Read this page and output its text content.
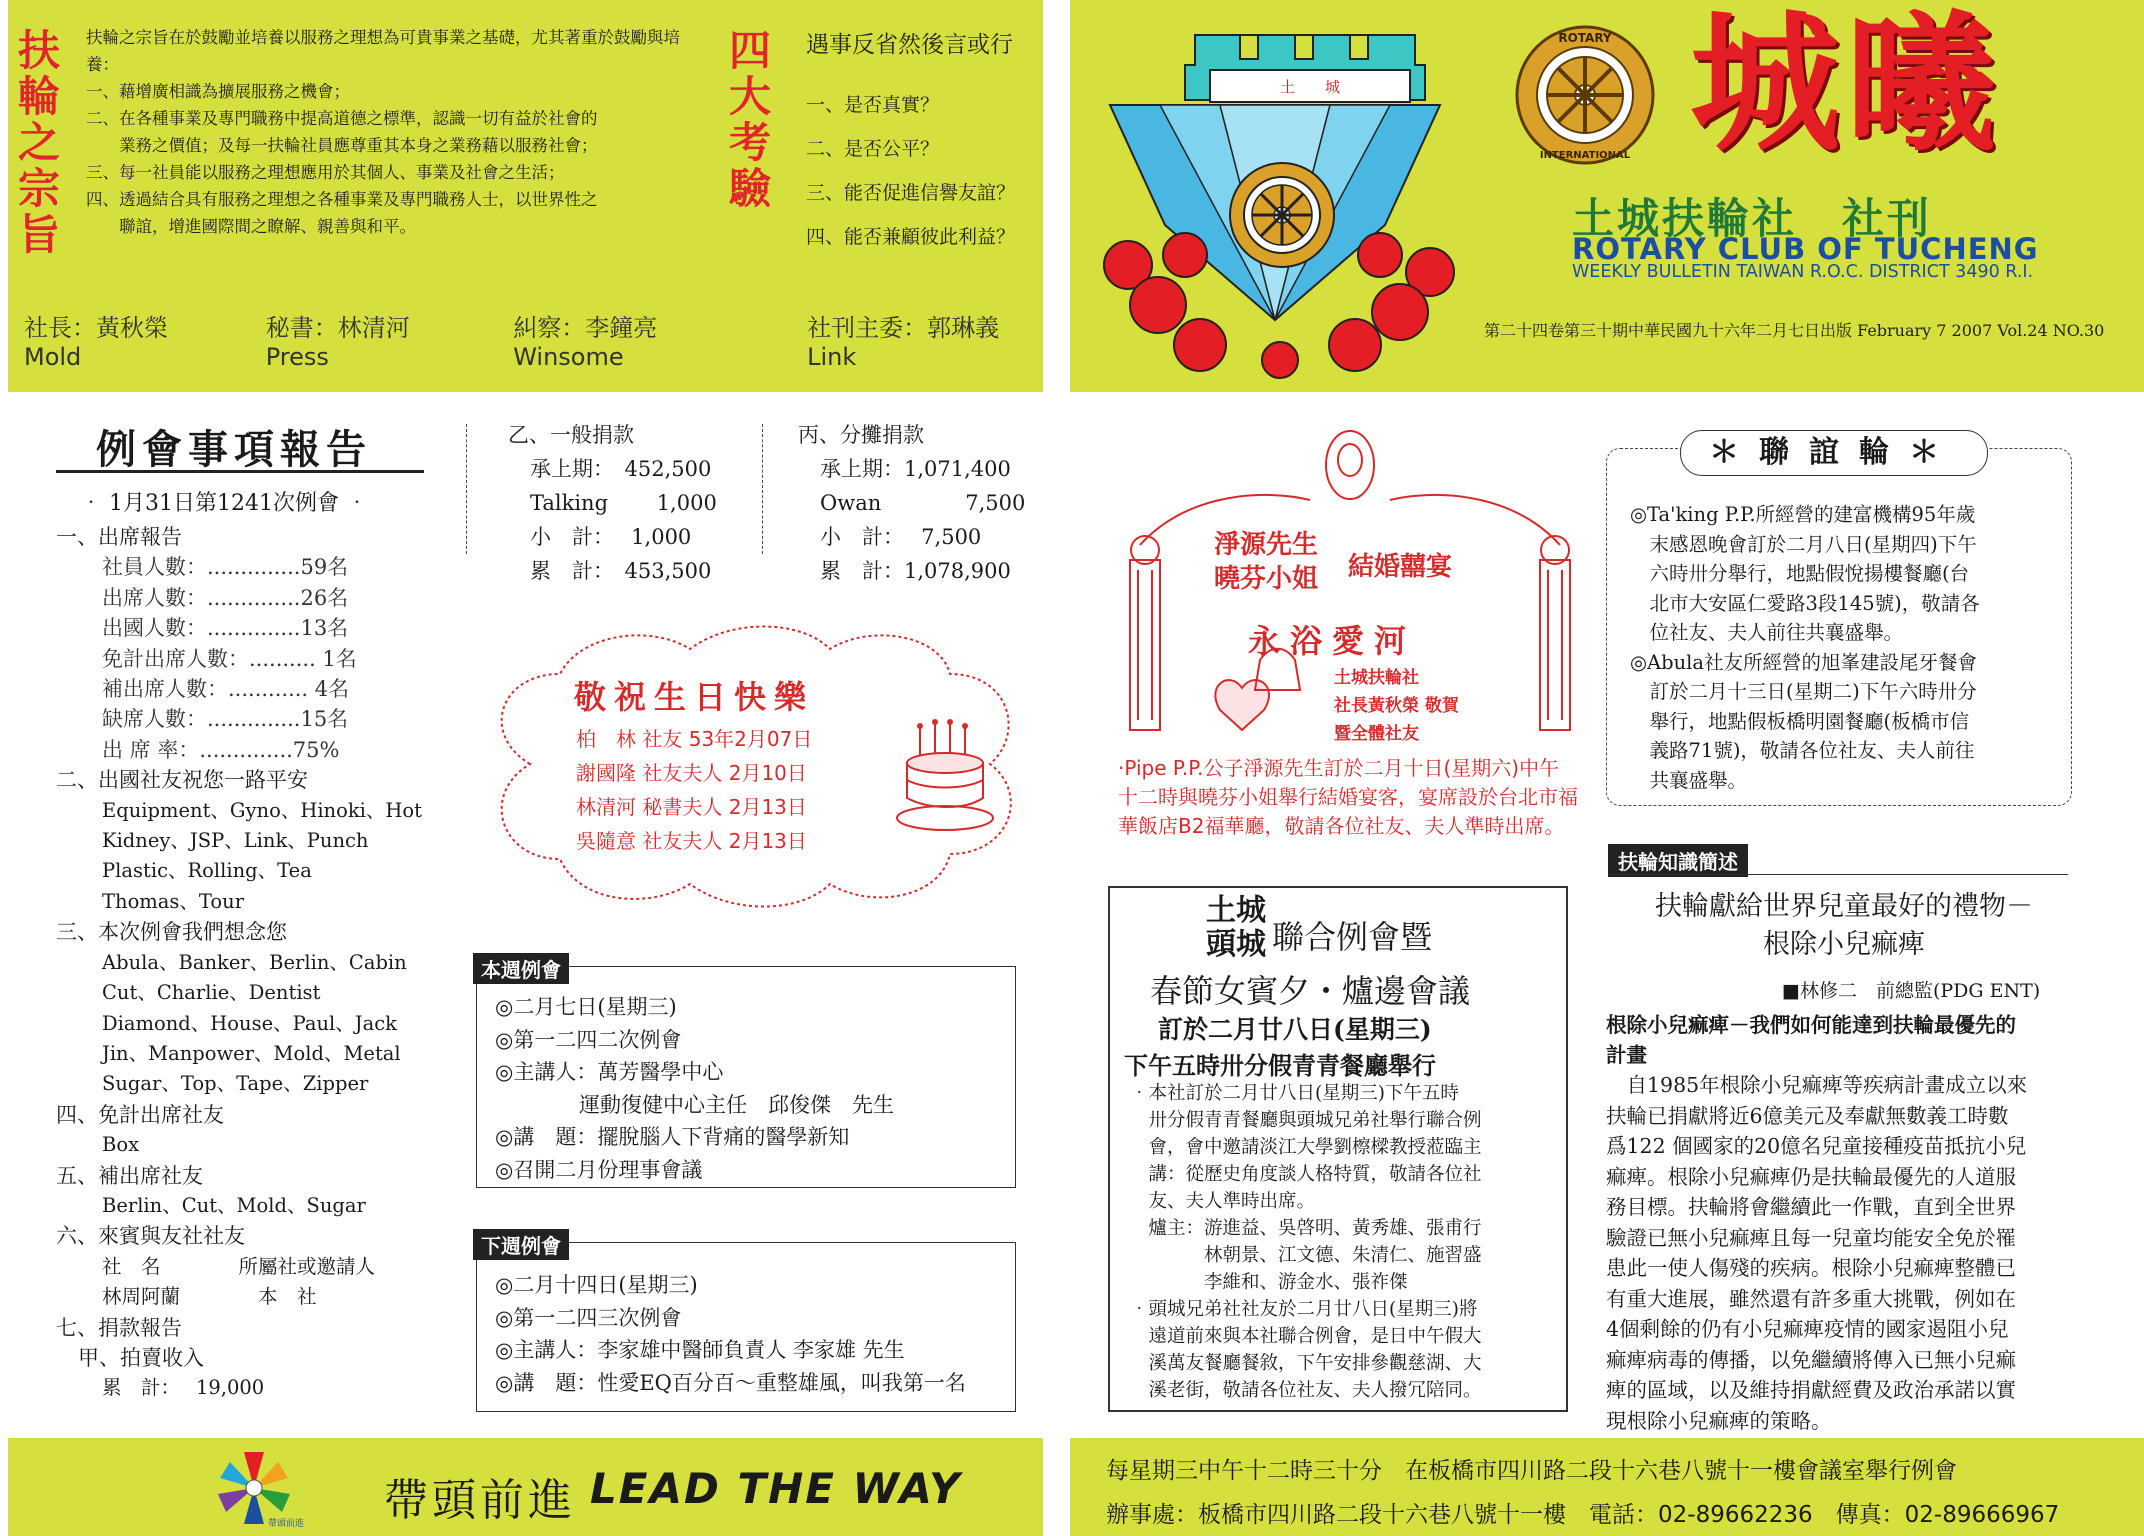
扶輪之宗旨
扶輪之宗旨在於鼓勵並培養以服務之理想為可貴事業之基礎，尤其著重於鼓勵與培養：
一、藉增廣相識為擴展服務之機會；
二、在各種事業及專門職務中提高道德之標準，認識一切有益於社會的
　　業務之價值；及每一扶輪社員應尊重其本身之業務藉以服務社會；
三、每一社員能以服務之理想應用於其個人、事業及社會之生活；
四、透過結合具有服務之理想之各種事業及專門職務人士，以世界性之
　　聯誼，增進國際間之瞭解、親善與和平。
四大考驗
遇事反省然後言或行
一、是否真實？
二、是否公平？
三、能否促進信譽友誼？
四、能否兼顧彼此利益？
社長：黃秋榮Mold
秘書：林清河Press
糾察：李鐘亮Winsome
社刊主委：郭琳義Link
土　　城
ROTARY
INTERNATIONAL 城曦
土城扶輪社　社刊
ROTARY CLUB OF TUCHENG
WEEKLY BULLETIN TAIWAN R.O.C. DISTRICT 3490 R.I.
第二十四卷第三十期中華民國九十六年二月七日出版 February 7 2007 Vol.24 NO.30
例會事項報告
‧ 1月31日第1241次例會 ‧
一、出席報告
社員人數：..............59名
出席人數：..............26名
出國人數：..............13名
免計出席人數：.......... 1名
補出席人數：............ 4名
缺席人數：..............15名
出 席 率：..............75%
二、出國社友祝您一路平安
Equipment、Gyno、Hinoki、Hot
Kidney、JSP、Link、Punch
Plastic、Rolling、Tea
Thomas、Tour
三、本次例會我們想念您
Abula、Banker、Berlin、Cabin
Cut、Charlie、Dentist
Diamond、House、Paul、Jack
Jin、Manpower、Mold、Metal
Sugar、Top、Tape、Zipper
四、免計出席社友
Box
五、補出席社友
Berlin、Cut、Mold、Sugar
六、來賓與友社社友
社　名　　　　所屬社或邀請人
林周阿蘭　　　　本　社
七、捐款報告
甲、拍賣收入
累　計：　 19,000
乙、一般捐款
承上期：　452,500
Talking　　 1,000
小　計：　 1,000
累　計：　453,500
丙、分攤捐款
承上期：1,071,400
Owan　　　　7,500
小　計：　 7,500
累　計：1,078,900
敬祝生日快樂
柏　林 社友 53年2月07日
謝國隆 社友夫人 2月10日
林清河 秘書夫人 2月13日
吳隨意 社友夫人 2月13日
本週例會
◎二月七日(星期三)
◎第一二四二次例會
◎主講人：萬芳醫學中心
　　　　運動復健中心主任　邱俊傑　先生
◎講　題：擺脫腦人下背痛的醫學新知
◎召開二月份理事會議
下週例會
◎二月十四日(星期三)
◎第一二四三次例會
◎主講人：李家雄中醫師負責人 李家雄 先生
◎講　題：性愛EQ百分百～重整雄風，叫我第一名
淨源先生
曉芬小姐 結婚囍宴
永浴愛河
土城扶輪社
社長黃秋榮 敬賀
暨全體社友
‧Pipe P.P.公子淨源先生訂於二月十日(星期六)中午十二時與曉芬小姐舉行結婚宴客，宴席設於台北市福華飯店B2福華廳，敬請各位社友、夫人準時出席。
土城
頭城 聯合例會暨
春節女賓夕・爐邊會議
訂於二月廿八日(星期三)
下午五時卅分假青青餐廳舉行
‧本社訂於二月廿八日(星期三)下午五時
　卅分假青青餐廳與頭城兄弟社舉行聯合例
　會，會中邀請淡江大學劉檫樑教授蒞臨主
　講：從歷史角度談人格特質，敬請各位社
　友、夫人準時出席。
　爐主：游進益、吳啓明、黃秀雄、張甫行
　　　　林朝景、江文德、朱清仁、施習盛
　　　　李維和、游金水、張祚傑
‧頭城兄弟社社友於二月廿八日(星期三)將
　遠道前來與本社聯合例會，是日中午假大
　溪萬友餐廳餐敘，下午安排參觀慈湖、大
　溪老街，敬請各位社友、夫人撥冗陪同。
＊聯誼輪＊
◎Ta'king P.P.所經營的建富機構95年歲
　末感恩晚會訂於二月八日(星期四)下午
　六時卅分舉行，地點假悅揚樓餐廳(台
　北市大安區仁愛路3段145號)，敬請各
　位社友、夫人前往共襄盛舉。
◎Abula社友所經營的旭峯建設尾牙餐會
　訂於二月十三日(星期二)下午六時卅分
　舉行，地點假板橋明園餐廳(板橋市信
　義路71號)，敬請各位社友、夫人前往
　共襄盛舉。
扶輪知識簡述
扶輪獻給世界兒童最好的禮物－
根除小兒痲痺
■林修二　前總監(PDG ENT)
根除小兒痲痺－我們如何能達到扶輪最優先的
計畫
　自1985年根除小兒痲痺等疾病計畫成立以來
扶輪已捐獻將近6億美元及奉獻無數義工時數
爲122 個國家的20億名兒童接種疫苗抵抗小兒
痲痺。根除小兒痲痺仍是扶輪最優先的人道服
務目標。扶輪將會繼續此一作戰，直到全世界
驗證已無小兒痲痺且每一兒童均能安全免於罹
患此一使人傷殘的疾病。根除小兒痲痺整體已
有重大進展，雖然還有許多重大挑戰，例如在
4個剩餘的仍有小兒痲痺疫情的國家遏阻小兒
痲痺病毒的傳播，以免繼續將傳入已無小兒痲
痺的區域，以及維持捐獻經費及政治承諾以實
現根除小兒痲痺的策略。
帶頭前進 帶頭前進 LEAD THE WAY	每星期三中午十二時三十分　在板橋市四川路二段十六巷八號十一樓會議室舉行例會
辦事處：板橋市四川路二段十六巷八號十一樓　電話：02-89662236　傳真：02-89666967
